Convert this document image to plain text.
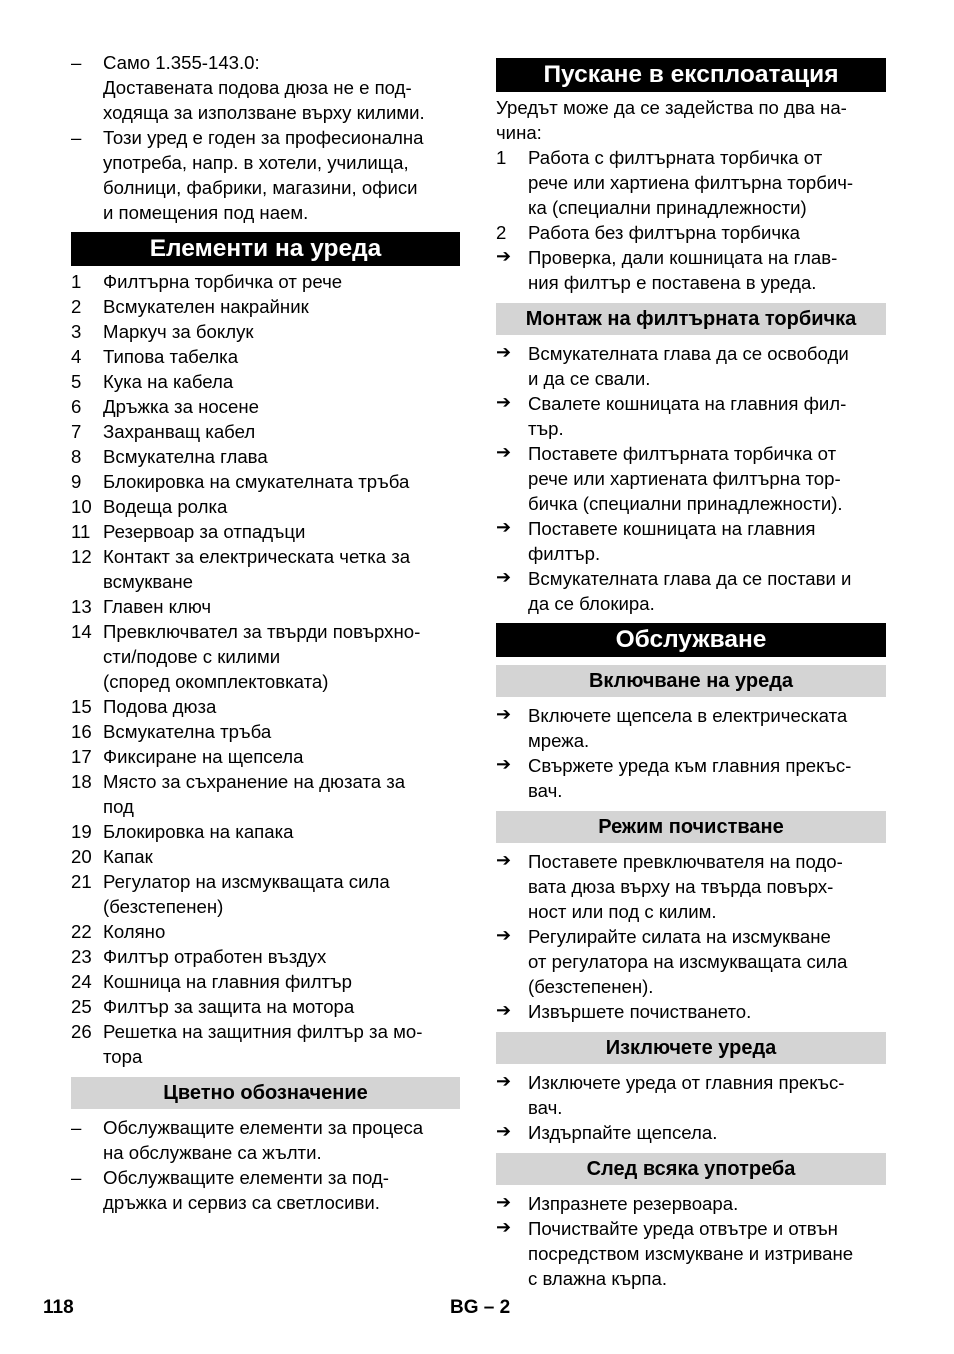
– Само 1.355-143.0:
Доставената подова дюза не е под-
ходяща за използване върху килими.
– Този уред е годен за професионална
употреба, напр. в хотели, училища,
болници, фабрики, магазини, офиси
и помещения под наем.
Елементи на уреда
1 Филтърна торбичка от рече
2 Всмукателен накрайник
3 Маркуч за боклук
4 Типова табелка
5 Кука на кабела
6 Дръжка за носене
7 Захранващ кабел
8 Всмукателна глава
9 Блокировка на смукателната тръба
10 Водеща ролка
11 Резервоар за отпадъци
12 Контакт за електрическата четка за
всмукване
13 Главен ключ
14 Превключвател за твърди повърхно-
сти/подове с килими
(според окомплектовката)
15 Подова дюза
16 Всмукателна тръба
17 Фиксиране на щепсела
18 Място за съхранение на дюзата за
под
19 Блокировка на капака
20 Капак
21 Регулатор на изсмукващата сила
(безстепенен)
22 Коляно
23 Филтър отработен въздух
24 Кошница на главния филтър
25 Филтър за защита на мотора
26 Решетка на защитния филтър за мо-
тора
Цветно обозначение
– Обслужващите елементи за процеса
на обслужване са жълти.
– Обслужващите елементи за под-
дръжка и сервиз са светлосиви.
Пускане в експлоатация
Уредът може да се задейства по два на-
чина:
1 Работа с филтърната торбичка от
рече или хартиена филтърна торбич-
ка (специални принадлежности)
2 Работа без филтърна торбичка
➔ Проверка, дали кошницата на глав-
ния филтър е поставена в уреда.
Монтаж на филтърната торбичка
➔ Всмукателната глава да се освободи
и да се свали.
➔ Свалете кошницата на главния фил-
тър.
➔ Поставете филтърната торбичка от
рече или хартиената филтърна тор-
бичка (специални принадлежности).
➔ Поставете кошницата на главния
филтър.
➔ Всмукателната глава да се постави и
да се блокира.
Обслужване
Включване на уреда
➔ Включете щепсела в електрическата
мрежа.
➔ Свържете уреда към главния прекъс-
вач.
Режим почистване
➔ Поставете превключвателя на подо-
вата дюза върху на твърда повърх-
ност или под с килим.
➔ Регулирайте силата на изсмукване
от регулатора на изсмукващата сила
(безстепенен).
➔ Извършете почистването.
Изключете уреда
➔ Изключете уреда от главния прекъс-
вач.
➔ Издърпайте щепсела.
След всяка употреба
➔ Изпразнете резервоара.
➔ Почиствайте уреда отвътре и отвън
посредством изсмукване и изтриване
с влажна кърпа.
118	BG – 2
